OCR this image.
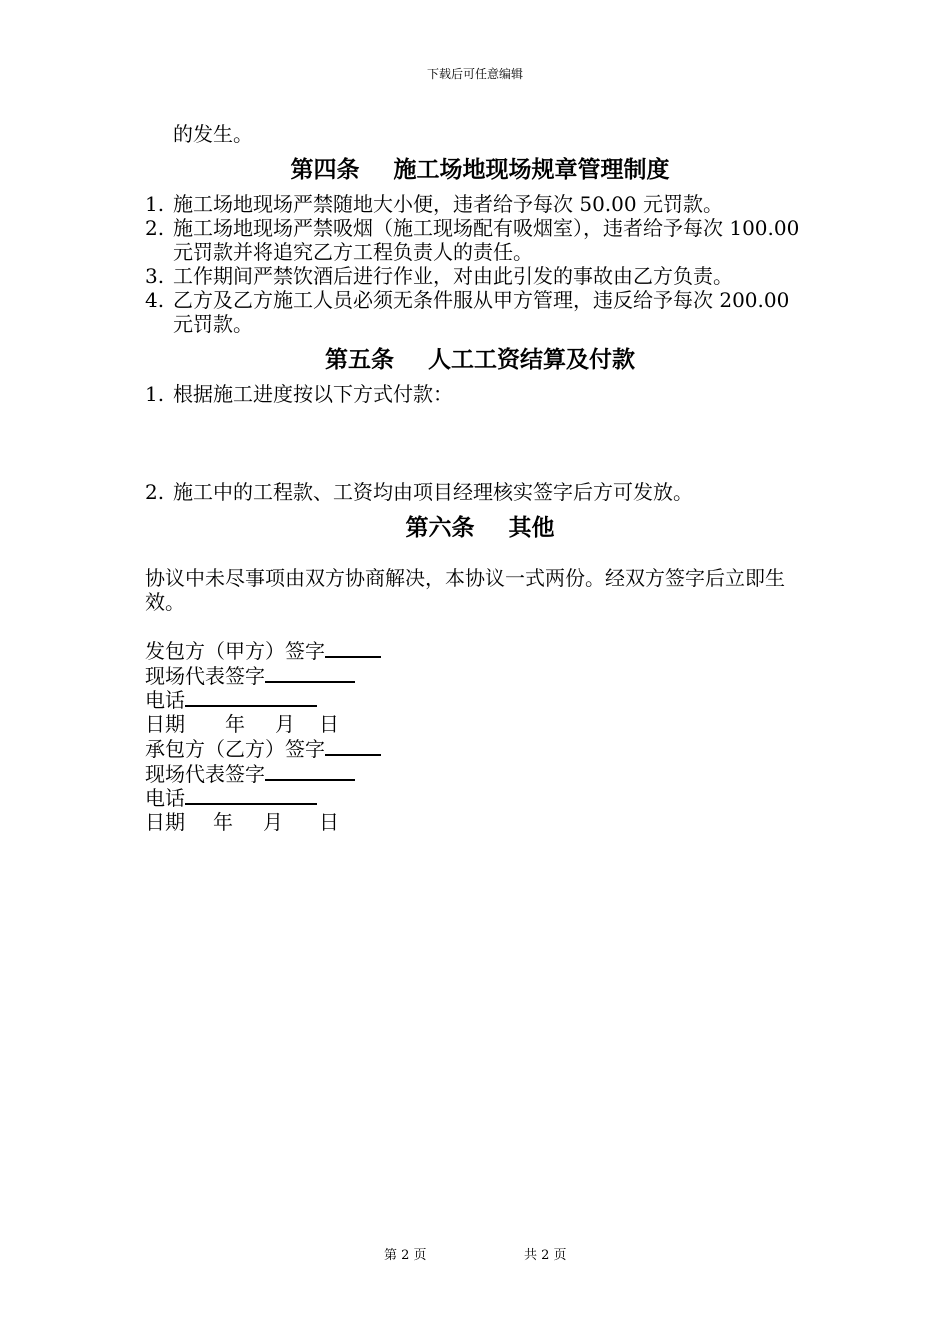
下载后可任意编辑
的发生。
第四条 施工场地现场规章管理制度
1. 施工场地现场严禁随地大小便，违者给予每次 50.00 元罚款。
2. 施工场地现场严禁吸烟（施工现场配有吸烟室），违者给予每次 100.00 元罚款并将追究乙方工程负责人的责任。
3. 工作期间严禁饮酒后进行作业，对由此引发的事故由乙方负责。
4. 乙方及乙方施工人员必须无条件服从甲方管理，违反给予每次 200.00 元罚款。
第五条 人工工资结算及付款
1. 根据施工进度按以下方式付款：
2. 施工中的工程款、工资均由项目经理核实签字后方可发放。
第六条 其他
协议中未尽事项由双方协商解决，本协议一式两份。经双方签字后立即生效。
发包方（甲方）签字
现场代表签字
电话
日期 年 月 日
承包方（乙方）签字
现场代表签字
电话
日期 年 月 日
第 2 页	共 2 页
